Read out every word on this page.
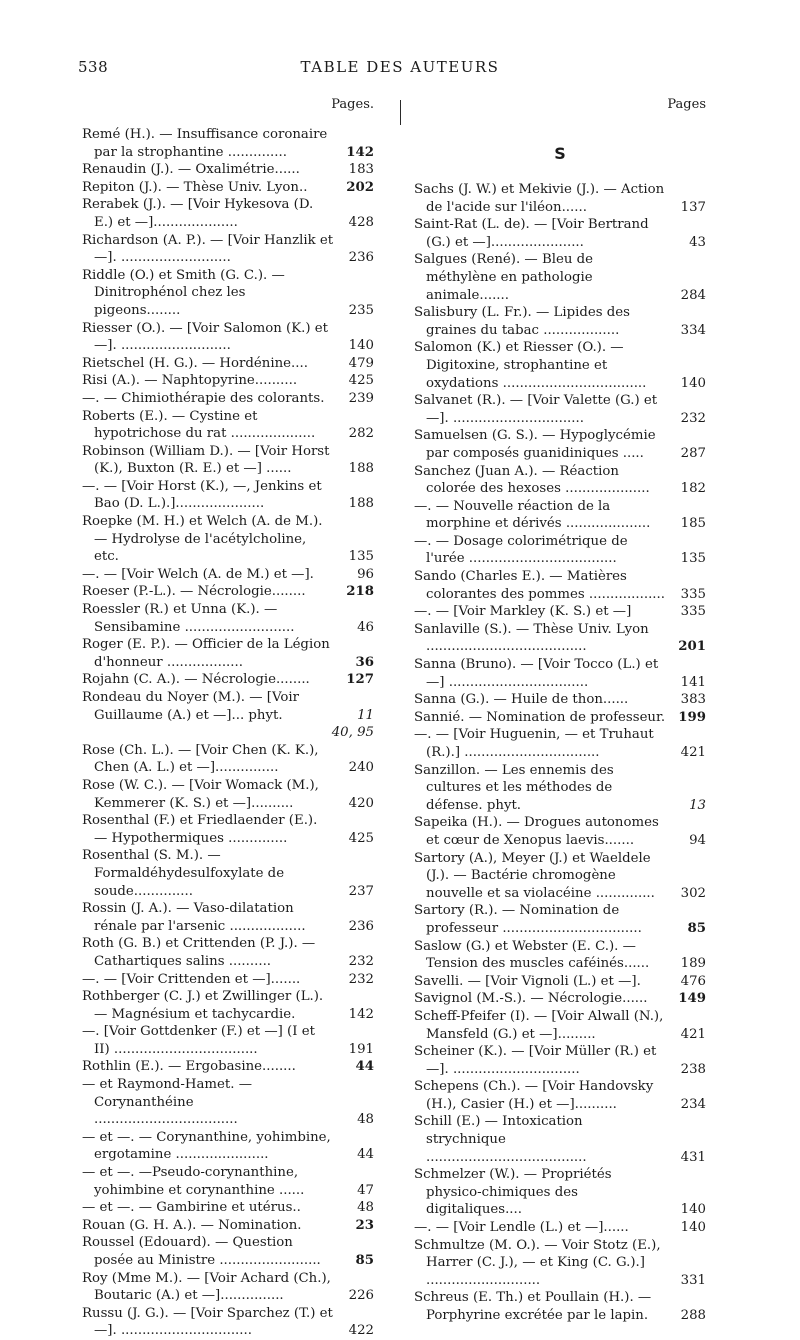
538	TABLE DES AUTEURS
Pages.
Remé (H.). — Insuffisance coronaire par la strophantine ..............	142
Renaudin (J.). — Oxalimétrie......	183
Repiton (J.). — Thèse Univ. Lyon..	202
Rerabek (J.). — [Voir Hykesova (D. E.) et —]....................	428
Richardson (A. P.). — [Voir Hanzlik et —]. ..........................	236
Riddle (O.) et Smith (G. C.). — Dinitrophénol chez les pigeons........	235
Riesser (O.). — [Voir Salomon (K.) et —]. ..........................	140
Rietschel (H. G.). — Hordénine....	479
Risi (A.). — Naphtopyrine..........	425
—. — Chimiothérapie des colorants. 239
Roberts (E.). — Cystine et hypotrichose du rat ....................	282
Robinson (William D.). — [Voir Horst (K.), Buxton (R. E.) et —] ......	188
—. — [Voir Horst (K.), —, Jenkins et Bao (D. L.).].....................	188
Roepke (M. H.) et Welch (A. de M.). — Hydrolyse de l'acétylcholine, etc.	135
—. — [Voir Welch (A. de M.) et —].	96
Roeser (P.-L.). — Nécrologie........	218
Roessler (R.) et Unna (K.). — Sensibamine ..........................	46
Roger (E. P.). — Officier de la Légion d'honneur ..................	36
Rojahn (C. A.). — Nécrologie........	127
Rondeau du Noyer (M.). — [Voir Guillaume (A.) et —]... phyt.	11
40, 95
Rose (Ch. L.). — [Voir Chen (K. K.), Chen (A. L.) et —]...............	240
Rose (W. C.). — [Voir Womack (M.), Kemmerer (K. S.) et —]..........	420
Rosenthal (F.) et Friedlaender (E.). — Hypothermiques ..............	425
Rosenthal (S. M.). — Formaldéhydesulfoxylate de soude..............	237
Rossin (J. A.). — Vaso-dilatation rénale par l'arsenic ..................	236
Roth (G. B.) et Crittenden (P. J.). — Cathartiques salins ..........	232
—. — [Voir Crittenden et —].......	232
Rothberger (C. J.) et Zwillinger (L.). — Magnésium et tachycardie.	142
—. [Voir Gottdenker (F.) et —] (I et II) ..................................	191
Rothlin (E.). — Ergobasine........	44
— et Raymond-Hamet. — Corynanthéine ..................................	48
— et —. — Corynanthine, yohimbine, ergotamine ......................	44
— et —. —Pseudo-corynanthine, yohimbine et corynanthine ......	47
— et —. — Gambirine et utérus..	48
Rouan (G. H. A.). — Nomination.	23
Roussel (Edouard). — Question posée au Ministre ........................	85
Roy (Mme M.). — [Voir Achard (Ch.), Boutaric (A.) et —]...............	226
Russu (J. G.). — [Voir Sparchez (T.) et —]. ...............................	422
Pages
S
Sachs (J. W.) et Mekivie (J.). — Action de l'acide sur l'iléon......	137
Saint-Rat (L. de). — [Voir Bertrand (G.) et —]......................	43
Salgues (René). — Bleu de méthylène en pathologie animale.......	284
Salisbury (L. Fr.). — Lipides des graines du tabac ..................	334
Salomon (K.) et Riesser (O.). — Digitoxine, strophantine et oxydations ..................................	140
Salvanet (R.). — [Voir Valette (G.) et —]. ...............................	232
Samuelsen (G. S.). — Hypoglycémie par composés guanidiniques .....	287
Sanchez (Juan A.). — Réaction colorée des hexoses .................... 182
—. — Nouvelle réaction de la morphine et dérivés .................... 185
—. — Dosage colorimétrique de l'urée ...................................	135
Sando (Charles E.). — Matières colorantes des pommes .................. 335
—. — [Voir Markley (K. S.) et —]	335
Sanlaville (S.). — Thèse Univ. Lyon ......................................	201
Sanna (Bruno). — [Voir Tocco (L.) et —] .................................	141
Sanna (G.). — Huile de thon......	383
Sannié. — Nomination de professeur. 199
—. — [Voir Huguenin, — et Truhaut (R.).] ................................	421
Sanzillon. — Les ennemis des cultures et les méthodes de défense. phyt.	13
Sapeika (H.). — Drogues autonomes et cœur de Xenopus laevis.......	94
Sartory (A.), Meyer (J.) et Waeldele (J.). — Bactérie chromogène nouvelle et sa violacéine .............. 302
Sartory (R.). — Nomination de professeur .................................	85
Saslow (G.) et Webster (E. C.). — Tension des muscles caféinés...... 189
Savelli. — [Voir Vignoli (L.) et —].	476
Savignol (M.-S.). — Nécrologie...... 149
Scheff-Pfeifer (I). — [Voir Alwall (N.), Mansfeld (G.) et —].........	421
Scheiner (K.). — [Voir Müller (R.) et —]. ..............................	238
Schepens (Ch.). — [Voir Handovsky (H.), Casier (H.) et —]..........	234
Schill (E.) — Intoxication strychnique ......................................	431
Schmelzer (W.). — Propriétés physico-chimiques des digitaliques....	140
—. — [Voir Lendle (L.) et —]......	140
Schmultze (M. O.). — Voir Stotz (E.), Harrer (C. J.), — et King (C. G.).] ...........................	331
Schreus (E. Th.) et Poullain (H.). — Porphyrine excrétée par le lapin. 288
